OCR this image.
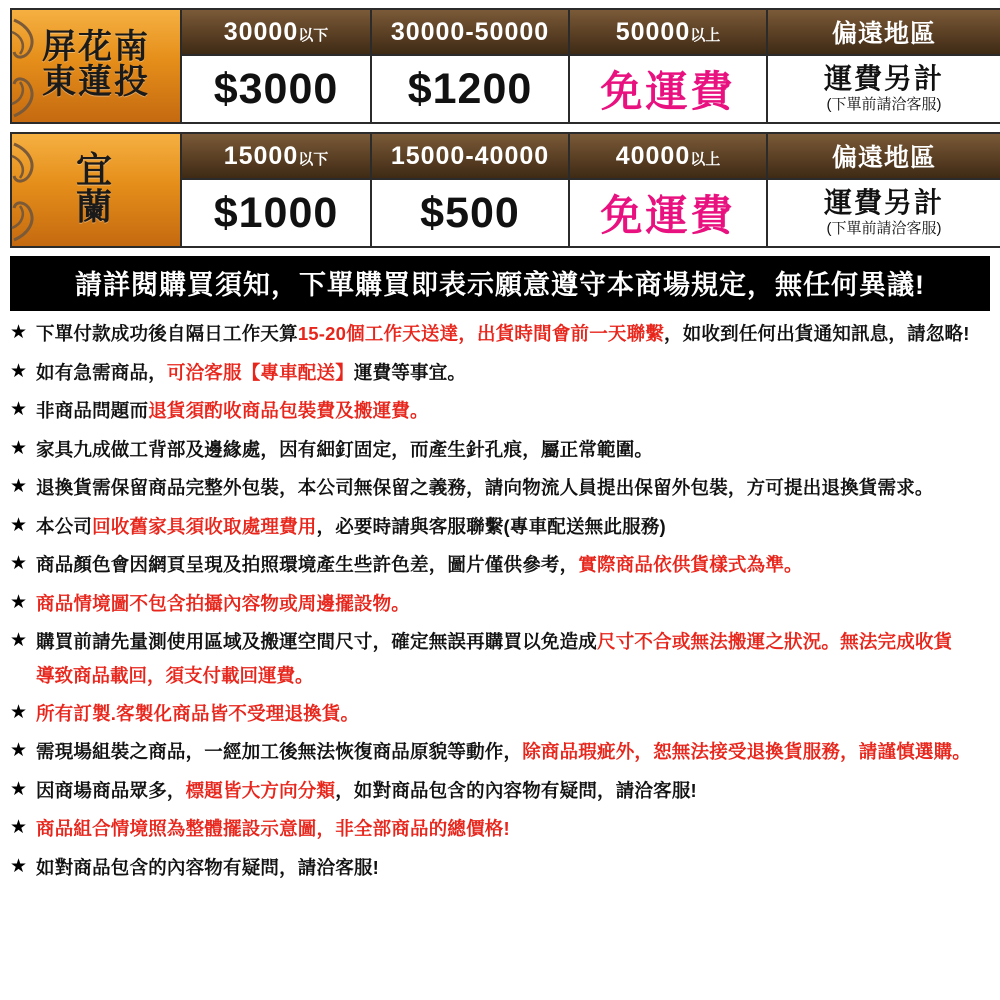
屏花南
東蓮投	30000以下	30000-50000	50000以上	偏遠地區
	$3000	$1200	免運費	運費另計
(下單前請洽客服)
宜
蘭	15000以下	15000-40000	40000以上	偏遠地區
	$1000	$500	免運費	運費另計
(下單前請洽客服)
請詳閱購買須知，下單購買即表示願意遵守本商場規定，無任何異議!
★ 下單付款成功後自隔日工作天算15-20個工作天送達，出貨時間會前一天聯繫，如收到任何出貨通知訊息，請忽略!
★ 如有急需商品，可洽客服【專車配送】運費等事宜。
★ 非商品問題而退貨須酌收商品包裝費及搬運費。
★ 家具九成做工背部及邊緣處，因有細釘固定，而產生針孔痕，屬正常範圍。
★ 退換貨需保留商品完整外包裝，本公司無保留之義務，請向物流人員提出保留外包裝，方可提出退換貨需求。
★ 本公司回收舊家具須收取處理費用，必要時請與客服聯繫(專車配送無此服務)
★ 商品顏色會因網頁呈現及拍照環境產生些許色差，圖片僅供參考，實際商品依供貨樣式為準。
★ 商品情境圖不包含拍攝內容物或周邊擺設物。
★ 購買前請先量測使用區域及搬運空間尺寸，確定無誤再購買以免造成尺寸不合或無法搬運之狀況。無法完成收貨
導致商品載回，須支付載回運費。
★ 所有訂製.客製化商品皆不受理退換貨。
★ 需現場組裝之商品，一經加工後無法恢復商品原貌等動作，除商品瑕疵外，恕無法接受退換貨服務，請謹慎選購。
★ 因商場商品眾多，標題皆大方向分類，如對商品包含的內容物有疑問，請洽客服!
★ 商品組合情境照為整體擺設示意圖，非全部商品的總價格!
★ 如對商品包含的內容物有疑問，請洽客服!
